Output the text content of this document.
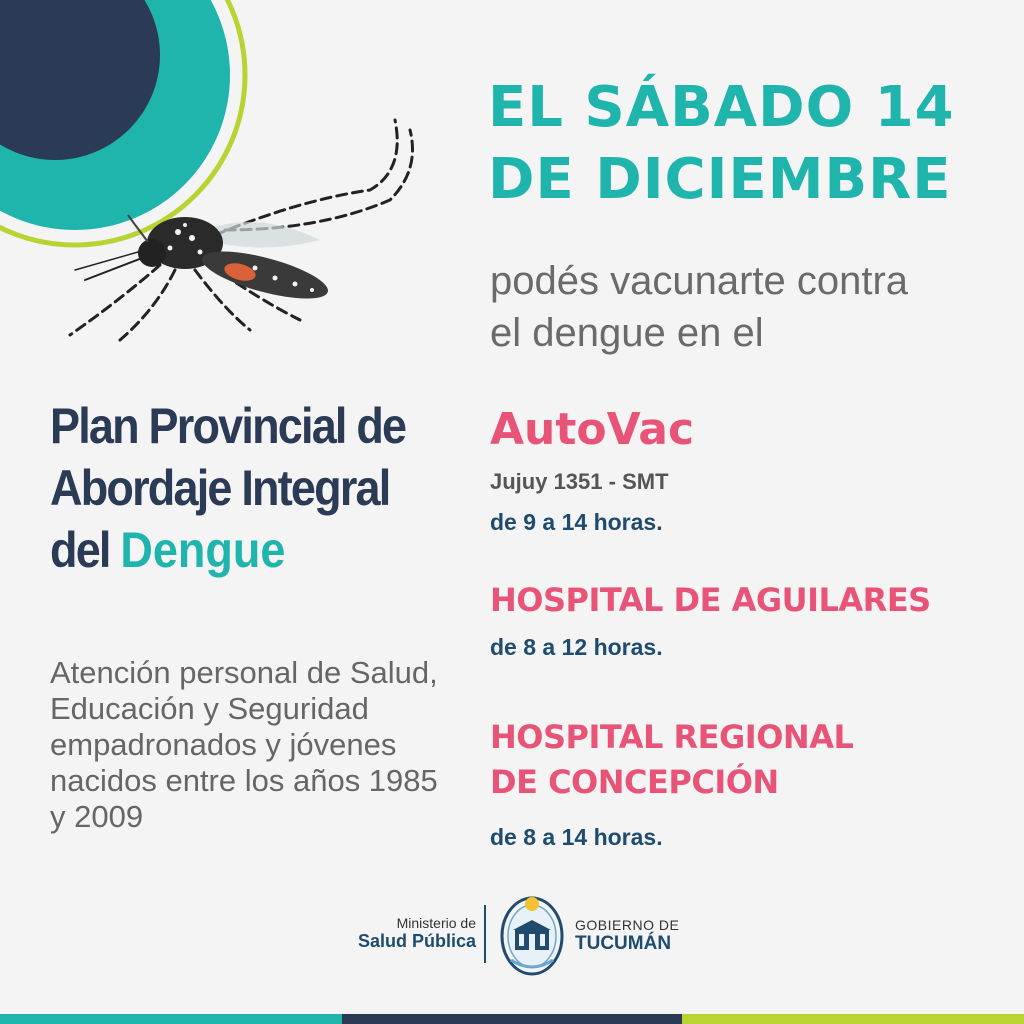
EL SÁBADO 14
DE DICIEMBRE

podés vacunarte contra
el dengue en el

Plan Provincial de
Abordaje Integral
del Dengue

Atención personal de Salud,
Educación y Seguridad
empadronados y jóvenes
nacidos entre los años 1985
y 2009

AutoVac
Jujuy 1351 - SMT
de 9 a 14 horas.
HOSPITAL DE AGUILARES
de 8 a 12 horas.
HOSPITAL REGIONAL
DE CONCEPCIÓN
de 8 a 14 horas.
Ministerio de
Salud Pública
GOBIERNO DE
TUCUMÁN
